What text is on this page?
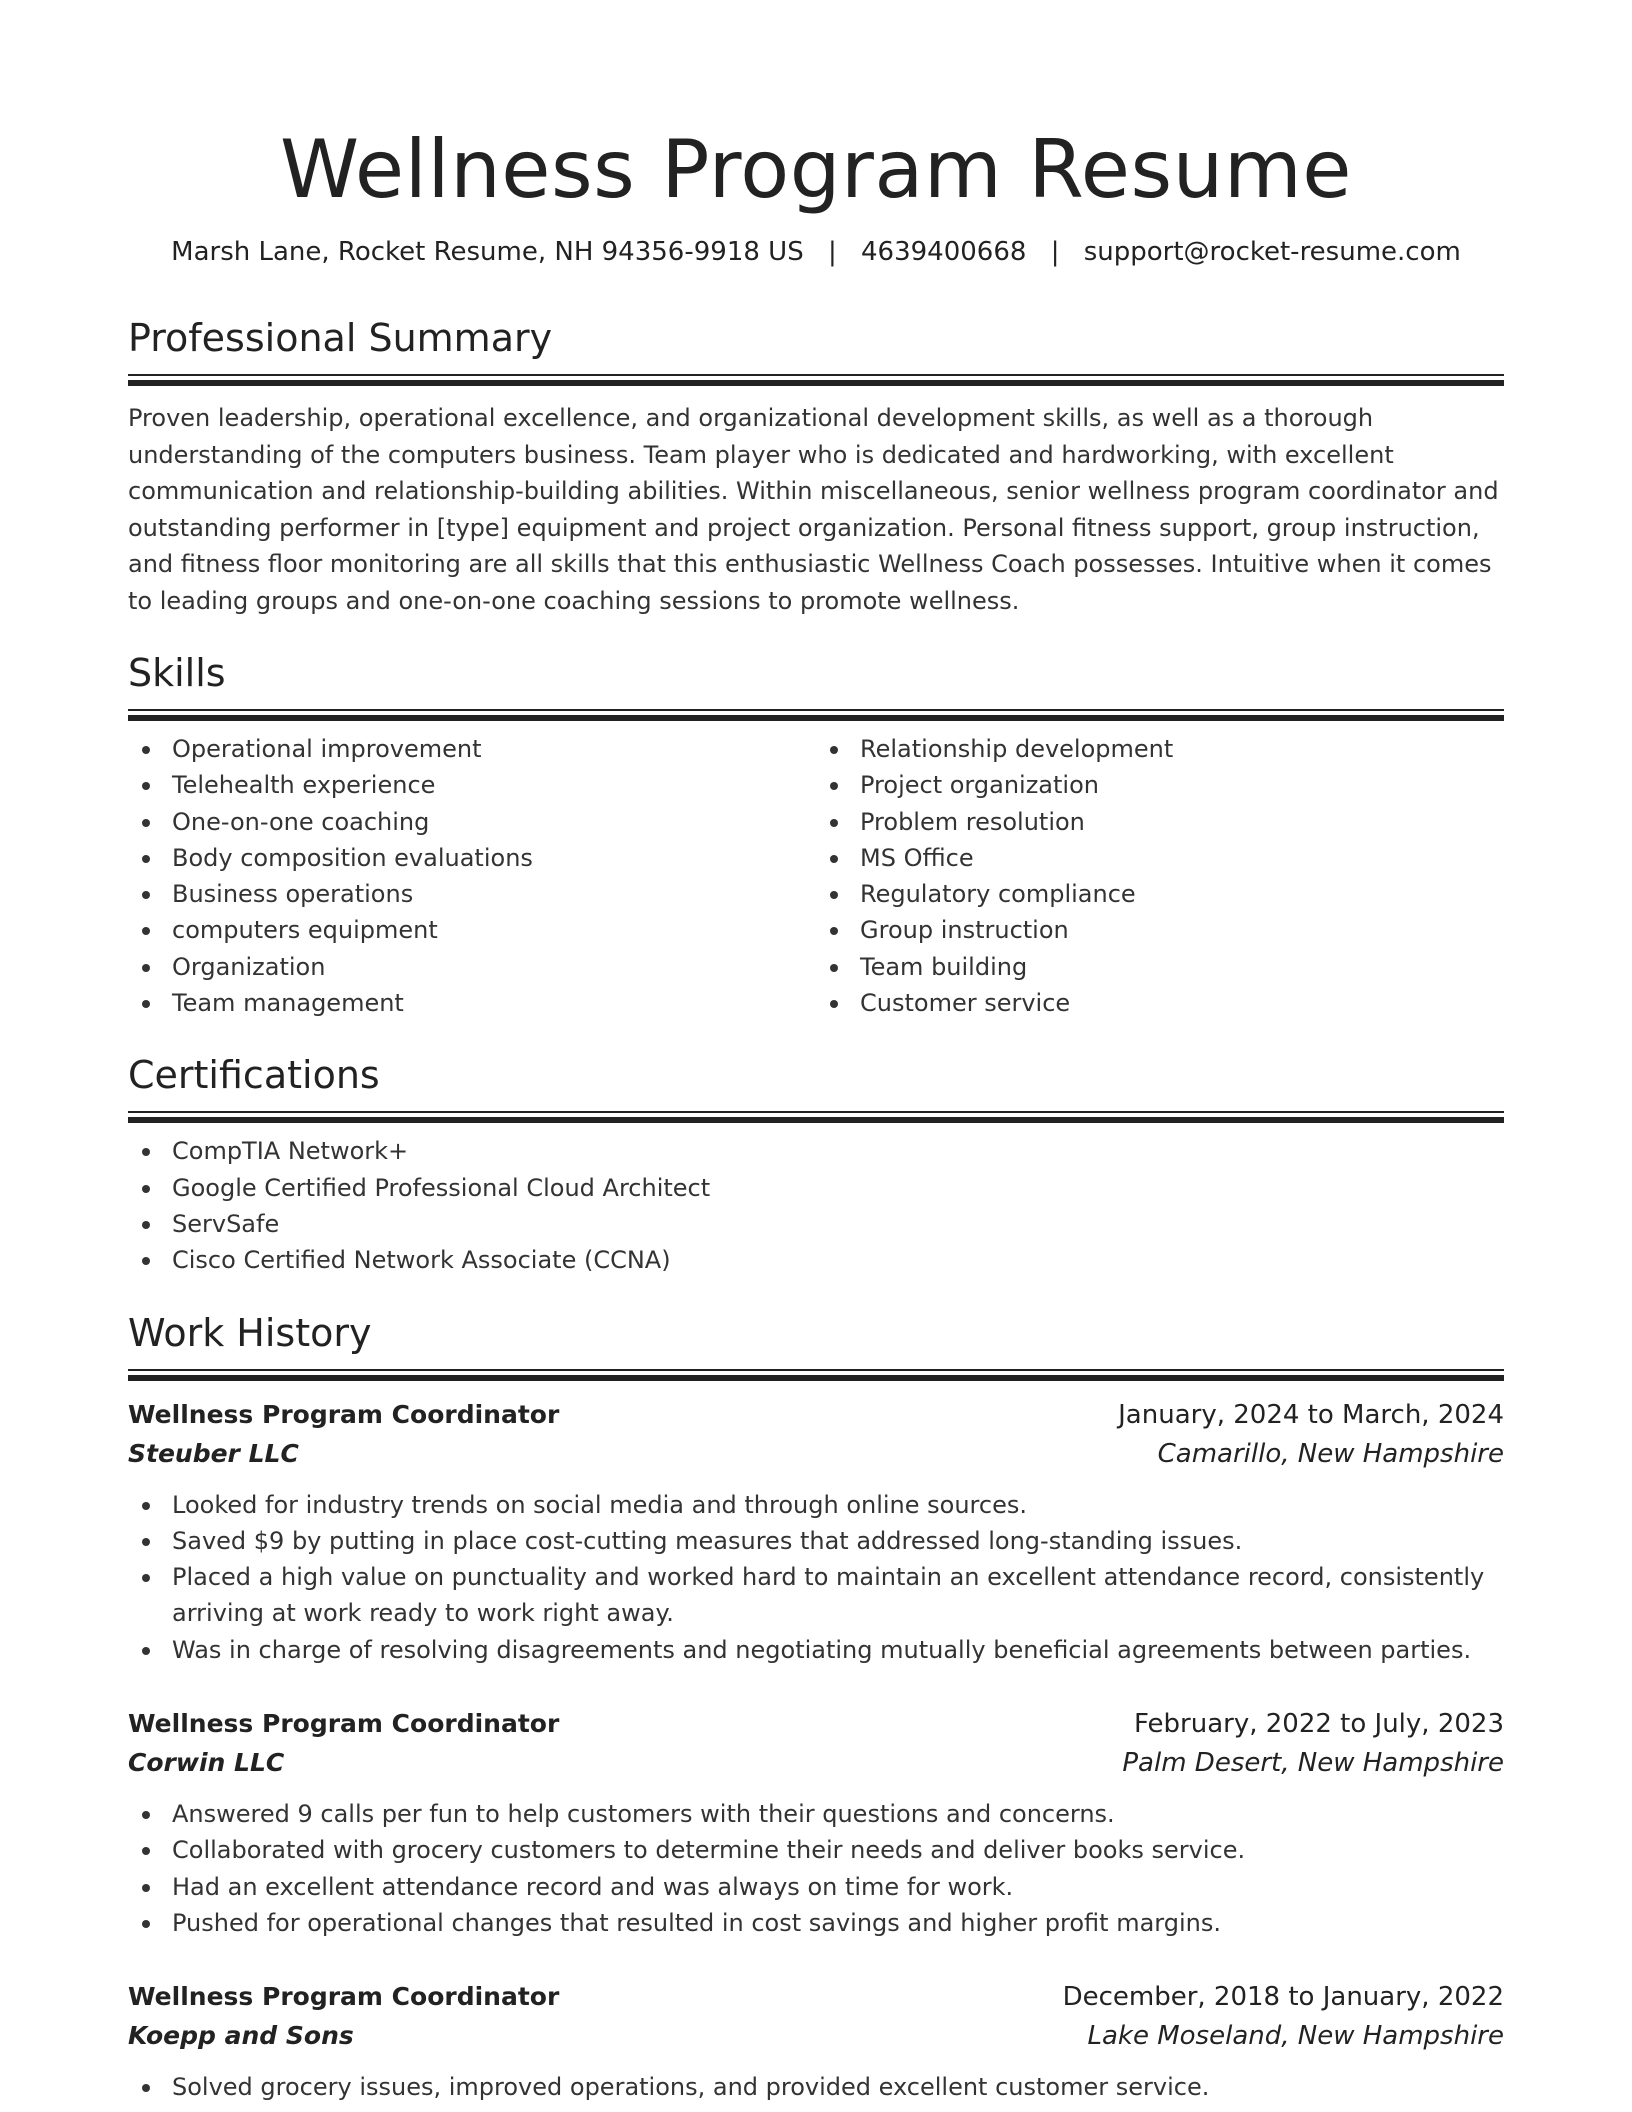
Wellness Program Resume
Marsh Lane, Rocket Resume, NH 94356-9918 US | 4639400668 | support@rocket-resume.com
Professional Summary

Proven leadership, operational excellence, and organizational development skills, as well as a thorough understanding of the computers business. Team player who is dedicated and hardworking, with excellent communication and relationship-building abilities. Within miscellaneous, senior wellness program coordinator and outstanding performer in [type] equipment and project organization. Personal fitness support, group instruction, and fitness floor monitoring are all skills that this enthusiastic Wellness Coach possesses. Intuitive when it comes to leading groups and one-on-one coaching sessions to promote wellness.

Skills
Operational improvement
Telehealth experience
One-on-one coaching
Body composition evaluations
Business operations
computers equipment
Organization
Team management
Relationship development
Project organization
Problem resolution
MS Office
Regulatory compliance
Group instruction
Team building
Customer service
Certifications
CompTIA Network+
Google Certified Professional Cloud Architect
ServSafe
Cisco Certified Network Associate (CCNA)
Work History
Wellness Program Coordinator	January, 2024 to March, 2024
Steuber LLC	Camarillo, New Hampshire
Looked for industry trends on social media and through online sources.
Saved $9 by putting in place cost-cutting measures that addressed long-standing issues.
Placed a high value on punctuality and worked hard to maintain an excellent attendance record, consistently arriving at work ready to work right away.
Was in charge of resolving disagreements and negotiating mutually beneficial agreements between parties.
Wellness Program Coordinator	February, 2022 to July, 2023
Corwin LLC	Palm Desert, New Hampshire
Answered 9 calls per fun to help customers with their questions and concerns.
Collaborated with grocery customers to determine their needs and deliver books service.
Had an excellent attendance record and was always on time for work.
Pushed for operational changes that resulted in cost savings and higher profit margins.
Wellness Program Coordinator	December, 2018 to January, 2022
Koepp and Sons	Lake Moseland, New Hampshire
Solved grocery issues, improved operations, and provided excellent customer service.
